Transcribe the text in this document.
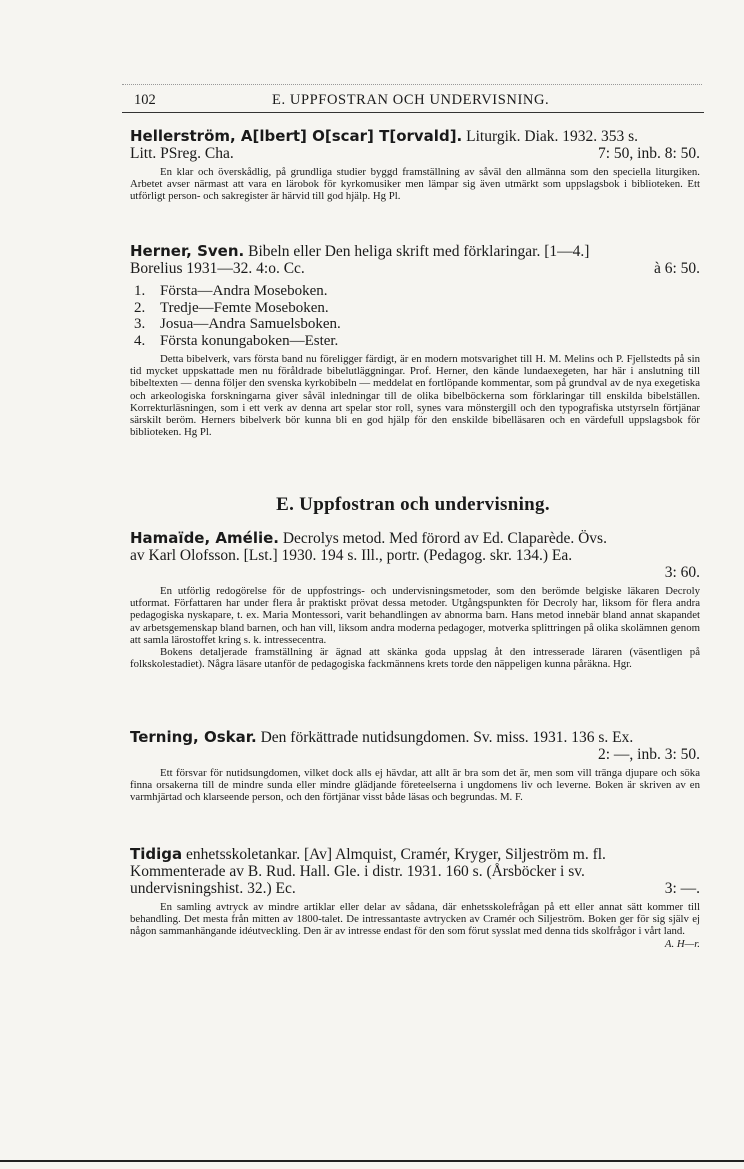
102	E. UPPFOSTRAN OCH UNDERVISNING.

Hellerström, A[lbert] O[scar] T[orvald]. Liturgik. Diak. 1932. 353 s.

Litt. PSreg. Cha.	7: 50, inb. 8: 50.

En klar och överskådlig, på grundliga studier byggd framställning av såväl den allmänna som den speciella liturgiken. Arbetet avser närmast att vara en lärobok för kyrkomusiker men lämpar sig även utmärkt som uppslagsbok i biblioteken. Ett utförligt person- och sakregister är härvid till god hjälp. Hg Pl.

Herner, Sven. Bibeln eller Den heliga skrift med förklaringar. [1—4.]

Borelius 1931—32. 4:o. Cc.	à 6: 50.

1. Första—Andra Moseboken.
2. Tredje—Femte Moseboken.
3. Josua—Andra Samuelsboken.
4. Första konungaboken—Ester.

Detta bibelverk, vars första band nu föreligger färdigt, är en modern motsvarighet till H. M. Melins och P. Fjellstedts på sin tid mycket uppskattade men nu föråldrade bibelutläggningar. Prof. Herner, den kände lundaexegeten, har här i anslutning till bibeltexten — denna följer den svenska kyrkobibeln — meddelat en fortlöpande kommentar, som på grundval av de nya exegetiska och arkeologiska forskningarna giver såväl inledningar till de olika bibelböckerna som förklaringar till enskilda bibelställen. Korrekturläsningen, som i ett verk av denna art spelar stor roll, synes vara mönstergill och den typografiska utstyrseln förtjänar särskilt beröm. Herners bibelverk bör kunna bli en god hjälp för den enskilde bibelläsaren och en värdefull uppslagsbok för biblioteken. Hg Pl.

E. Uppfostran och undervisning.

Hamaïde, Amélie. Decrolys metod. Med förord av Ed. Claparède. Övs.

av Karl Olofsson. [Lst.] 1930. 194 s. Ill., portr. (Pedagog. skr. 134.) Ea.

3: 60.

En utförlig redogörelse för de uppfostrings- och undervisningsmetoder, som den berömde belgiske läkaren Decroly utformat. Författaren har under flera år praktiskt prövat dessa metoder. Utgångspunkten för Decroly har, liksom för flera andra pedagogiska nyskapare, t. ex. Maria Montessori, varit behandlingen av abnorma barn. Hans metod innebär bland annat skapandet av arbetsgemenskap bland barnen, och han vill, liksom andra moderna pedagoger, motverka splittringen på olika skolämnen genom att samla lärostoffet kring s. k. intressecentra.
Bokens detaljerade framställning är ägnad att skänka goda uppslag åt den intresserade läraren (väsentligen på folkskolestadiet). Några läsare utanför de pedagogiska fackmännens krets torde den näppeligen kunna påräkna. Hgr.

Terning, Oskar. Den förkättrade nutidsungdomen. Sv. miss. 1931. 136 s. Ex.

2: —, inb. 3: 50.

Ett försvar för nutidsungdomen, vilket dock alls ej hävdar, att allt är bra som det är, men som vill tränga djupare och söka finna orsakerna till de mindre sunda eller mindre glädjande företeelserna i ungdomens liv och leverne. Boken är skriven av en varmhjärtad och klarseende person, och den förtjänar visst både läsas och begrundas. M. F.

Tidiga enhetsskoletankar. [Av] Almquist, Cramér, Kryger, Siljeström m. fl.

Kommenterade av B. Rud. Hall. Gle. i distr. 1931. 160 s. (Årsböcker i sv.

undervisningshist. 32.) Ec.	3: —.

En samling avtryck av mindre artiklar eller delar av sådana, där enhetsskolefrågan på ett eller annat sätt kommer till behandling. Det mesta från mitten av 1800-talet. De intressantaste avtrycken av Cramér och Siljeström. Boken ger för sig själv ej någon sammanhängande idéutveckling. Den är av intresse endast för den som förut sysslat med denna tids skolfrågor i vårt land.

A. H—r.
